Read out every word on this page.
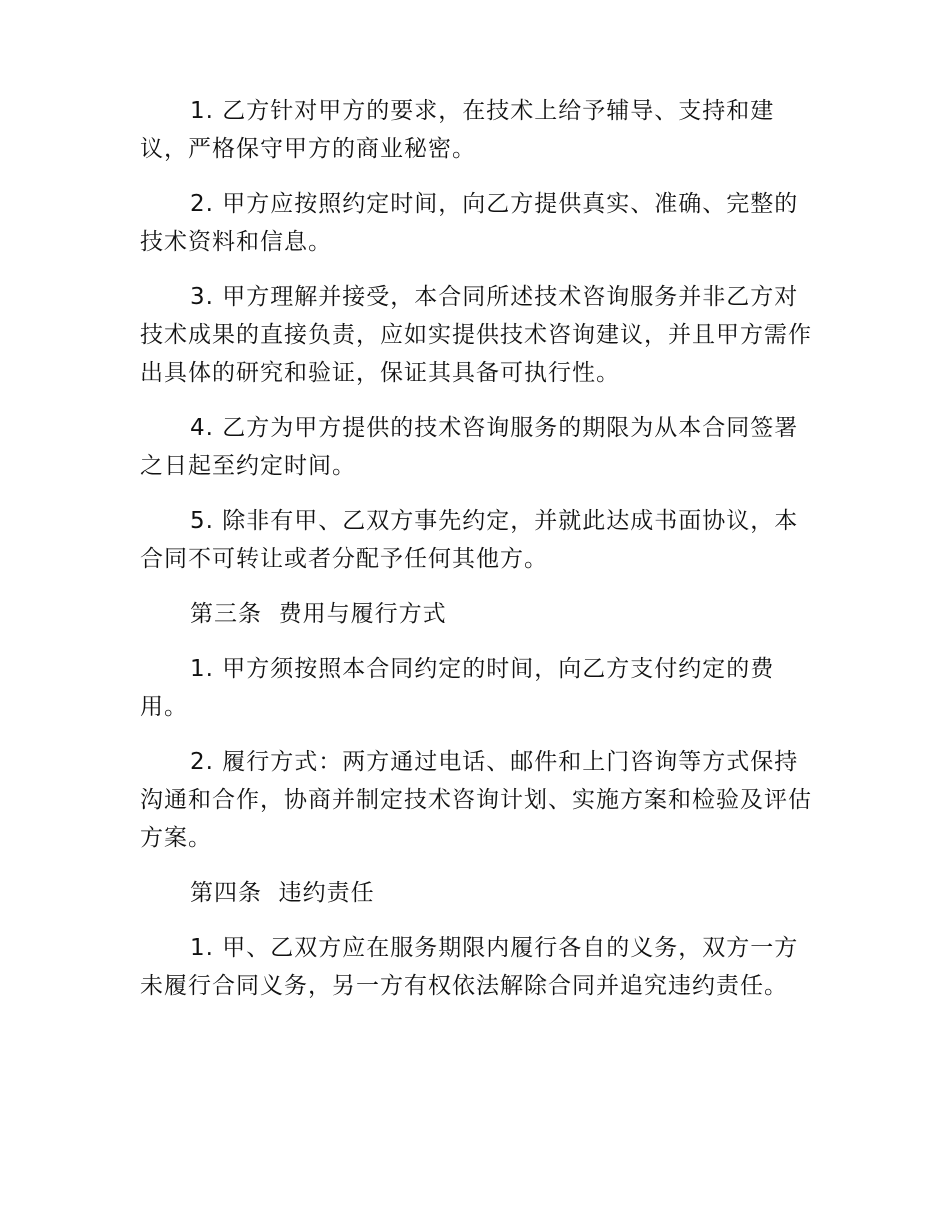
1. 乙方针对甲方的要求，在技术上给予辅导、支持和建议，严格保守甲方的商业秘密。

2. 甲方应按照约定时间，向乙方提供真实、准确、完整的技术资料和信息。

3. 甲方理解并接受，本合同所述技术咨询服务并非乙方对技术成果的直接负责，应如实提供技术咨询建议，并且甲方需作出具体的研究和验证，保证其具备可执行性。

4. 乙方为甲方提供的技术咨询服务的期限为从本合同签署之日起至约定时间。

5. 除非有甲、乙双方事先约定，并就此达成书面协议，本合同不可转让或者分配予任何其他方。

第三条  费用与履行方式

1. 甲方须按照本合同约定的时间，向乙方支付约定的费用。

2. 履行方式：两方通过电话、邮件和上门咨询等方式保持沟通和合作，协商并制定技术咨询计划、实施方案和检验及评估方案。

第四条  违约责任

1. 甲、乙双方应在服务期限内履行各自的义务，双方一方未履行合同义务，另一方有权依法解除合同并追究违约责任。
